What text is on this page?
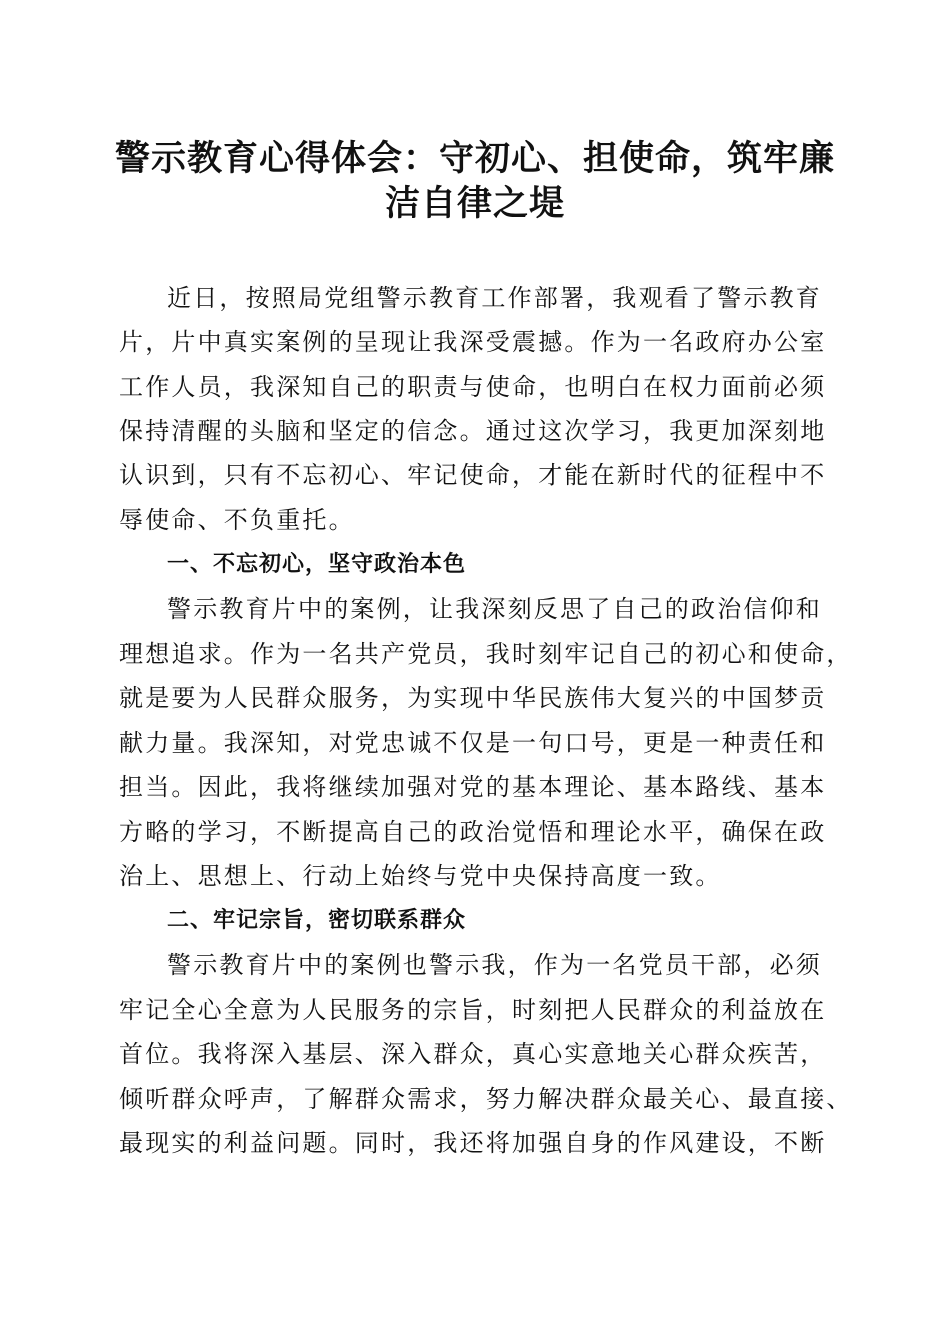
警示教育心得体会：守初心、担使命，筑牢廉
洁自律之堤
近日，按照局党组警示教育工作部署，我观看了警示教育
片，片中真实案例的呈现让我深受震撼。作为一名政府办公室
工作人员，我深知自己的职责与使命，也明白在权力面前必须
保持清醒的头脑和坚定的信念。通过这次学习，我更加深刻地
认识到，只有不忘初心、牢记使命，才能在新时代的征程中不
辱使命、不负重托。
一、不忘初心，坚守政治本色
警示教育片中的案例，让我深刻反思了自己的政治信仰和
理想追求。作为一名共产党员，我时刻牢记自己的初心和使命，
就是要为人民群众服务，为实现中华民族伟大复兴的中国梦贡
献力量。我深知，对党忠诚不仅是一句口号，更是一种责任和
担当。因此，我将继续加强对党的基本理论、基本路线、基本
方略的学习，不断提高自己的政治觉悟和理论水平，确保在政
治上、思想上、行动上始终与党中央保持高度一致。
二、牢记宗旨，密切联系群众
警示教育片中的案例也警示我，作为一名党员干部，必须
牢记全心全意为人民服务的宗旨，时刻把人民群众的利益放在
首位。我将深入基层、深入群众，真心实意地关心群众疾苦，
倾听群众呼声，了解群众需求，努力解决群众最关心、最直接、
最现实的利益问题。同时，我还将加强自身的作风建设，不断
